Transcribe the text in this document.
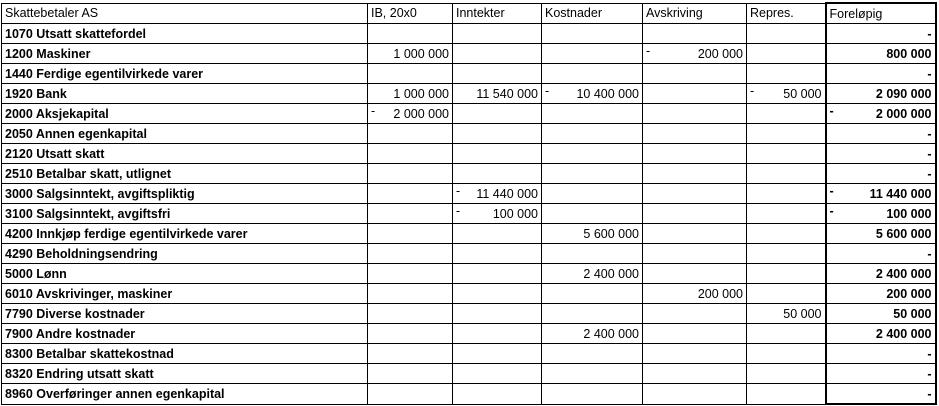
Skattebetaler AS	IB, 20x0	Inntekter	Kostnader	Avskriving	Repres.	Foreløpig
1070 Utsatt skattefordel						-
1200 Maskiner	1 000 000			- 200 000		800 000
1440 Ferdige egentilvirkede varer						-
1920 Bank	1 000 000	11 540 000	- 10 400 000		- 50 000	2 090 000
2000 Aksjekapital	- 2 000 000					- 2 000 000
2050 Annen egenkapital						-
2120 Utsatt skatt						-
2510 Betalbar skatt, utlignet						-
3000 Salgsinntekt, avgiftspliktig		- 11 440 000				- 11 440 000
3100 Salgsinntekt, avgiftsfri		- 100 000				- 100 000
4200 Innkjøp ferdige egentilvirkede varer			5 600 000			5 600 000
4290 Beholdningsendring						-
5000 Lønn			2 400 000			2 400 000
6010 Avskrivinger, maskiner				200 000		200 000
7790 Diverse kostnader					50 000	50 000
7900 Andre kostnader			2 400 000			2 400 000
8300 Betalbar skattekostnad						-
8320 Endring utsatt skatt						-
8960 Overføringer annen egenkapital						-
